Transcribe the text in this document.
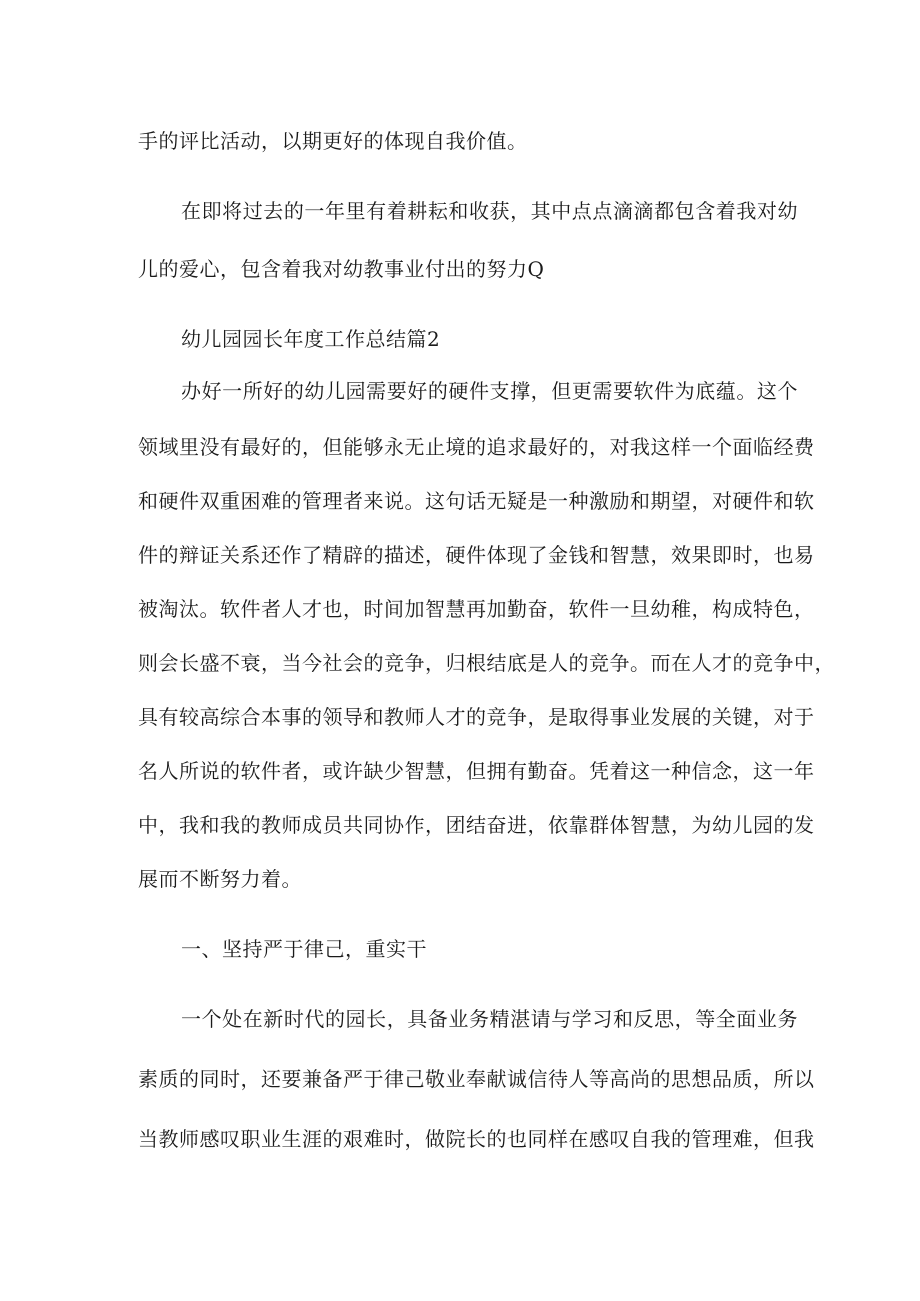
手的评比活动，以期更好的体现自我价值。
在即将过去的一年里有着耕耘和收获，其中点点滴滴都包含着我对幼
儿的爱心，包含着我对幼教事业付出的努力Q
幼儿园园长年度工作总结篇2
办好一所好的幼儿园需要好的硬件支撑，但更需要软件为底蕴。这个
领域里没有最好的，但能够永无止境的追求最好的，对我这样一个面临经费
和硬件双重困难的管理者来说。这句话无疑是一种激励和期望，对硬件和软
件的辩证关系还作了精辟的描述，硬件体现了金钱和智慧，效果即时，也易
被淘汰。软件者人才也，时间加智慧再加勤奋，软件一旦幼稚，构成特色，
则会长盛不衰，当今社会的竞争，归根结底是人的竞争。而在人才的竞争中，
具有较高综合本事的领导和教师人才的竞争，是取得事业发展的关键，对于
名人所说的软件者，或许缺少智慧，但拥有勤奋。凭着这一种信念，这一年
中，我和我的教师成员共同协作，团结奋进，依靠群体智慧，为幼儿园的发
展而不断努力着。
一、坚持严于律己，重实干
一个处在新时代的园长，具备业务精湛请与学习和反思，等全面业务
素质的同时，还要兼备严于律己敬业奉献诚信待人等高尚的思想品质，所以
当教师感叹职业生涯的艰难时，做院长的也同样在感叹自我的管理难，但我
